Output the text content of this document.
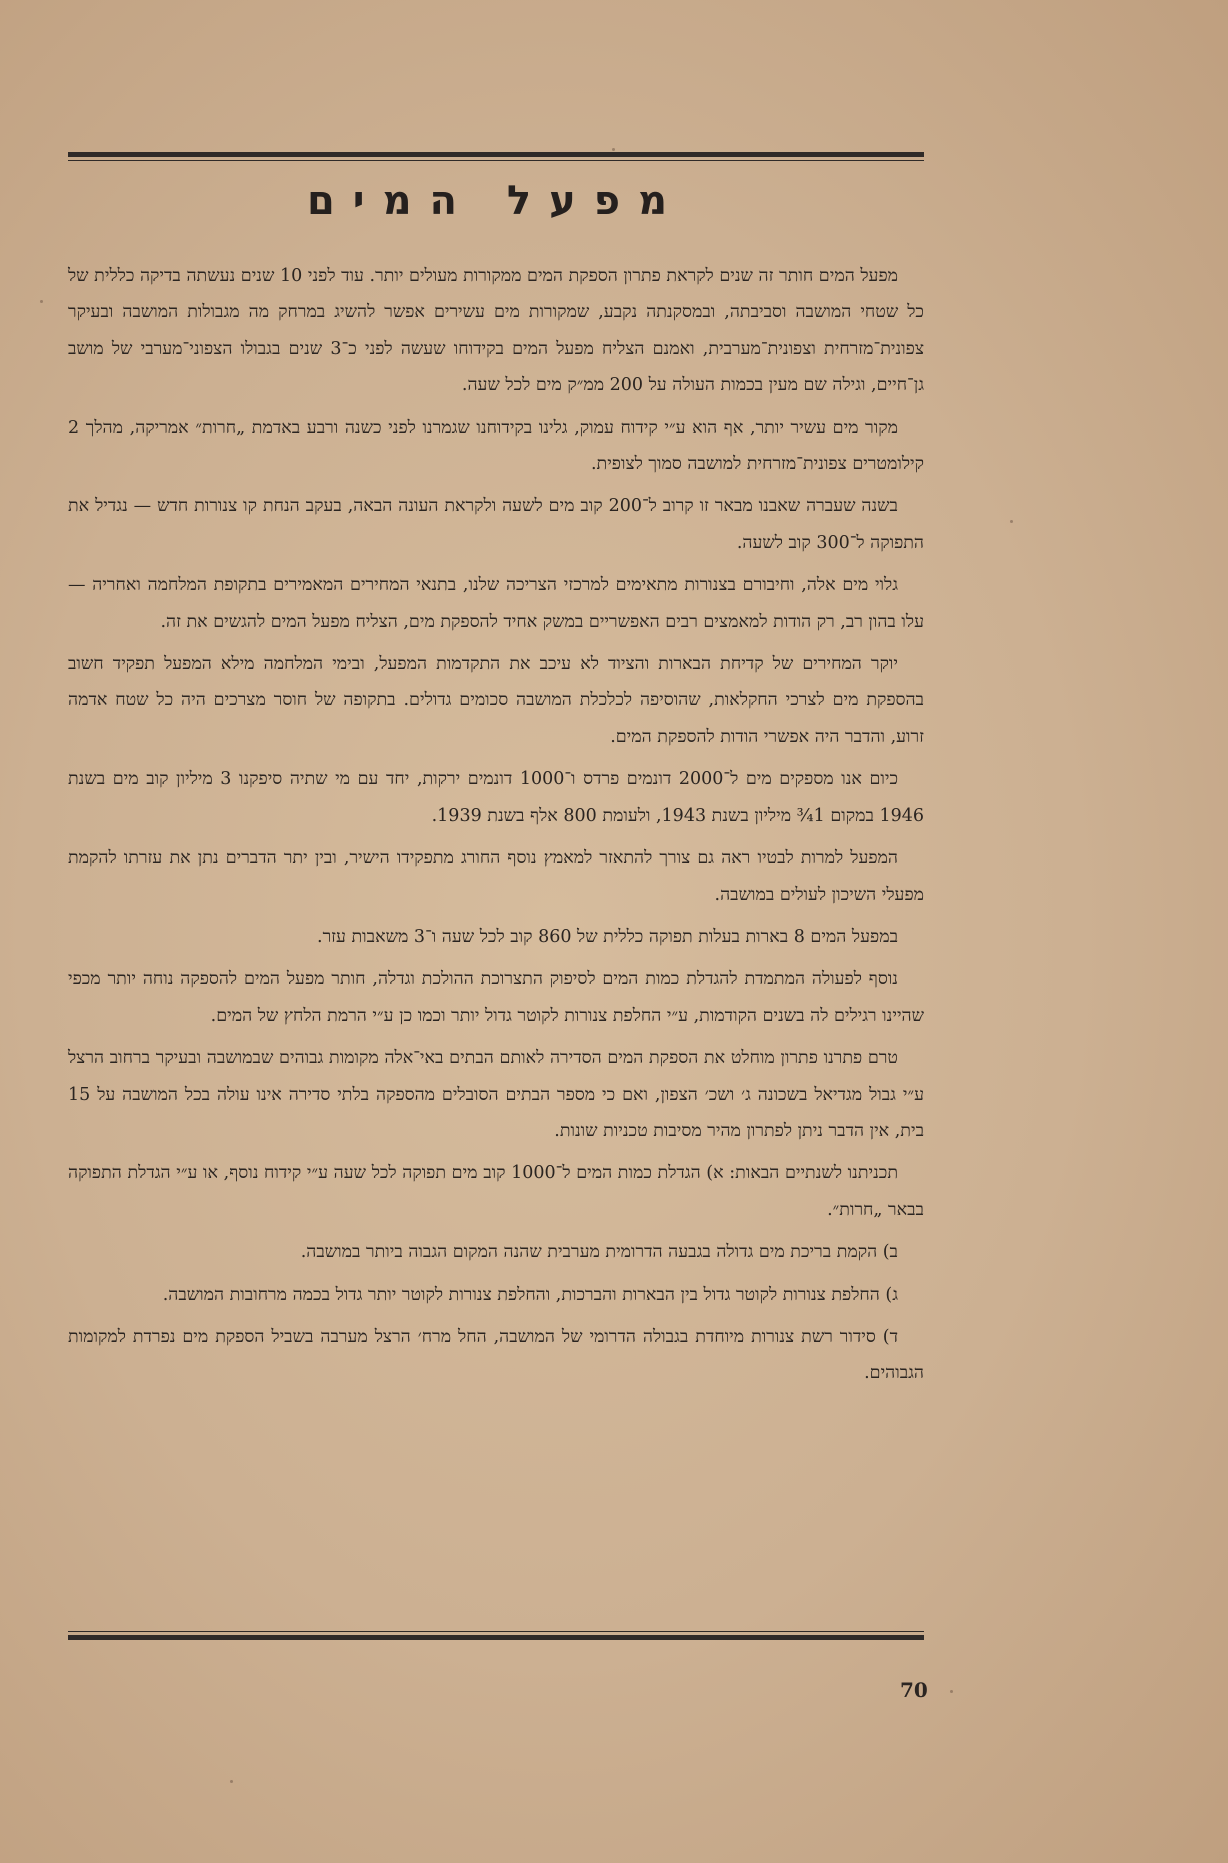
מפעל המים

מפעל המים חותר זה שנים לקראת פתרון הספקת המים ממקורות מעולים יותר. עוד לפני 10 שנים נעשתה בדיקה כללית של כל שטחי המושבה וסביבתה, ובמסקנתה נקבע, שמקורות מים עשירים אפשר להשיג במרחק מה מגבולות המושבה ובעיקר צפונית־מזרחית וצפונית־מערבית, ואמנם הצליח מפעל המים בקידוחו שעשה לפני כ־3 שנים בגבולו הצפוני־מערבי של מושב גן־חיים, וגילה שם מעין בכמות העולה על 200 ממ״ק מים לכל שעה.

מקור מים עשיר יותר, אף הוא ע״י קידוח עמוק, גלינו בקידוחנו שגמרנו לפני כשנה ורבע באדמת „חרות״ אמריקה, מהלך 2 קילומטרים צפונית־מזרחית למושבה סמוך לצופית.

בשנה שעברה שאבנו מבאר זו קרוב ל־200 קוב מים לשעה ולקראת העונה הבאה, בעקב הנחת קו צנורות חדש — נגדיל את התפוקה ל־300 קוב לשעה.

גלוי מים אלה, וחיבורם בצנורות מתאימים למרכזי הצריכה שלנו, בתנאי המחירים המאמירים בתקופת המלחמה ואחריה — עלו בהון רב, רק הודות למאמצים רבים האפשריים במשק אחיד להספקת מים, הצליח מפעל המים להגשים את זה.

יוקר המחירים של קדיחת הבארות והציוד לא עיכב את התקדמות המפעל, ובימי המלחמה מילא המפעל תפקיד חשוב בהספקת מים לצרכי החקלאות, שהוסיפה לכלכלת המושבה סכומים גדולים. בתקופה של חוסר מצרכים היה כל שטח אדמה זרוע, והדבר היה אפשרי הודות להספקת המים.

כיום אנו מספקים מים ל־2000 דונמים פרדס ו־1000 דונמים ירקות, יחד עם מי שתיה סיפקנו 3 מיליון קוב מים בשנת 1946 במקום 1¾ מיליון בשנת 1943, ולעומת 800 אלף בשנת 1939.

המפעל למרות לבטיו ראה גם צורך להתאזר למאמץ נוסף החורג מתפקידו הישיר, ובין יתר הדברים נתן את עזרתו להקמת מפעלי השיכון לעולים במושבה.

במפעל המים 8 בארות בעלות תפוקה כללית של 860 קוב לכל שעה ו־3 משאבות עזר.

נוסף לפעולה המתמדת להגדלת כמות המים לסיפוק התצרוכת ההולכת וגדלה, חותר מפעל המים להספקה נוחה יותר מכפי שהיינו רגילים לה בשנים הקודמות, ע״י החלפת צנורות לקוטר גדול יותר וכמו כן ע״י הרמת הלחץ של המים.

טרם פתרנו פתרון מוחלט את הספקת המים הסדירה לאותם הבתים באי־אלה מקומות גבוהים שבמושבה ובעיקר ברחוב הרצל ע״י גבול מגדיאל בשכונה ג׳ ושכ׳ הצפון, ואם כי מספר הבתים הסובלים מהספקה בלתי סדירה אינו עולה בכל המושבה על 15 בית, אין הדבר ניתן לפתרון מהיר מסיבות טכניות שונות.

תכניתנו לשנתיים הבאות: א) הגדלת כמות המים ל־1000 קוב מים תפוקה לכל שעה ע״י קידוח נוסף, או ע״י הגדלת התפוקה בבאר „חרות״.

ב) הקמת בריכת מים גדולה בגבעה הדרומית מערבית שהנה המקום הגבוה ביותר במושבה.

ג) החלפת צנורות לקוטר גדול בין הבארות והברכות, והחלפת צנורות לקוטר יותר גדול בכמה מרחובות המושבה.

ד) סידור רשת צנורות מיוחדת בגבולה הדרומי של המושבה, החל מרח׳ הרצל מערבה בשביל הספקת מים נפרדת למקומות הגבוהים.

70
